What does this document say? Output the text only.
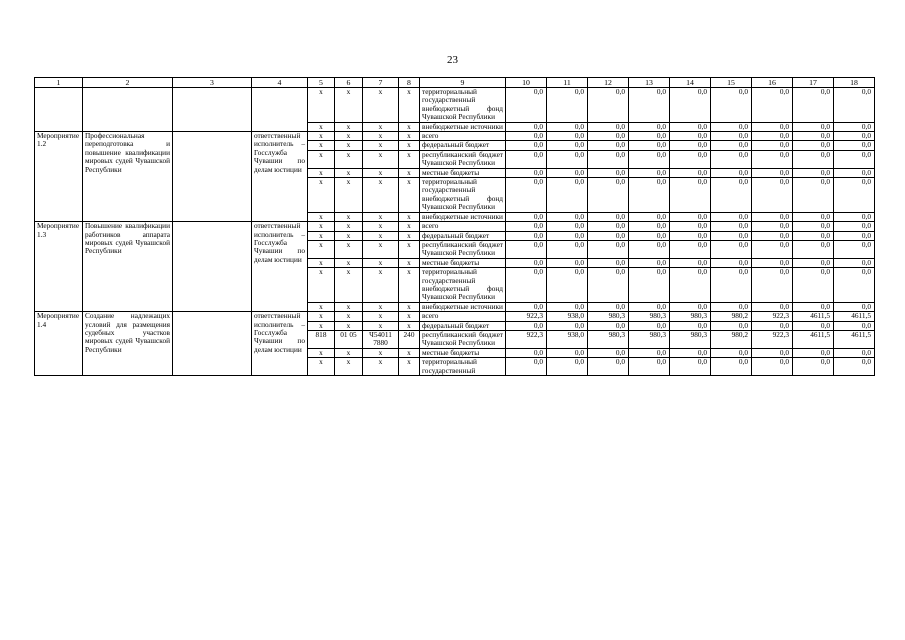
23
1	2	3	4	5	6	7	8	9	10	11	12	13	14	15	16	17	18
				x	x	x	x	территориальный государственный внебюджетный фонд Чувашской Республики	0,0	0,0	0,0	0,0	0,0	0,0	0,0	0,0	0,0
				x	x	x	x	внебюджетные источники	0,0	0,0	0,0	0,0	0,0	0,0	0,0	0,0	0,0
Мероприятие 1.2	Профессиональная переподготовка и повышение квалификации мировых судей Чувашской Республики		ответственный исполнитель – Госслужба Чувашии по делам юстиции	x	x	x	x	всего	0,0	0,0	0,0	0,0	0,0	0,0	0,0	0,0	0,0
				x	x	x	x	федеральный бюджет	0,0	0,0	0,0	0,0	0,0	0,0	0,0	0,0	0,0
				x	x	x	x	республиканский бюджет Чувашской Республики	0,0	0,0	0,0	0,0	0,0	0,0	0,0	0,0	0,0
				x	x	x	x	местные бюджеты	0,0	0,0	0,0	0,0	0,0	0,0	0,0	0,0	0,0
				x	x	x	x	территориальный государственный внебюджетный фонд Чувашской Республики	0,0	0,0	0,0	0,0	0,0	0,0	0,0	0,0	0,0
				x	x	x	x	внебюджетные источники	0,0	0,0	0,0	0,0	0,0	0,0	0,0	0,0	0,0
Мероприятие 1.3	Повышение квалификации работников аппарата мировых судей Чувашской Республики		ответственный исполнитель – Госслужба Чувашии по делам юстиции	x	x	x	x	всего	0,0	0,0	0,0	0,0	0,0	0,0	0,0	0,0	0,0
				x	x	x	x	федеральный бюджет	0,0	0,0	0,0	0,0	0,0	0,0	0,0	0,0	0,0
				x	x	x	x	республиканский бюджет Чувашской Республики	0,0	0,0	0,0	0,0	0,0	0,0	0,0	0,0	0,0
				x	x	x	x	местные бюджеты	0,0	0,0	0,0	0,0	0,0	0,0	0,0	0,0	0,0
				x	x	x	x	территориальный государственный внебюджетный фонд Чувашской Республики	0,0	0,0	0,0	0,0	0,0	0,0	0,0	0,0	0,0
				x	x	x	x	внебюджетные источники	0,0	0,0	0,0	0,0	0,0	0,0	0,0	0,0	0,0
Мероприятие 1.4	Создание надлежащих условий для размещения судебных участков мировых судей Чувашской Республики		ответственный исполнитель – Госслужба Чувашии по делам юстиции	x	x	x	x	всего	922,3	938,0	980,3	980,3	980,3	980,2	922,3	4611,5	4611,5
				x	x	x	x	федеральный бюджет	0,0	0,0	0,0	0,0	0,0	0,0	0,0	0,0	0,0
				818	01 05	Ч54011 7880	240	республиканский бюджет Чувашской Республики	922,3	938,0	980,3	980,3	980,3	980,2	922,3	4611,5	4611,5
				x	x	x	x	местные бюджеты	0,0	0,0	0,0	0,0	0,0	0,0	0,0	0,0	0,0
				x	x	x	x	территориальный государственный	0,0	0,0	0,0	0,0	0,0	0,0	0,0	0,0	0,0
